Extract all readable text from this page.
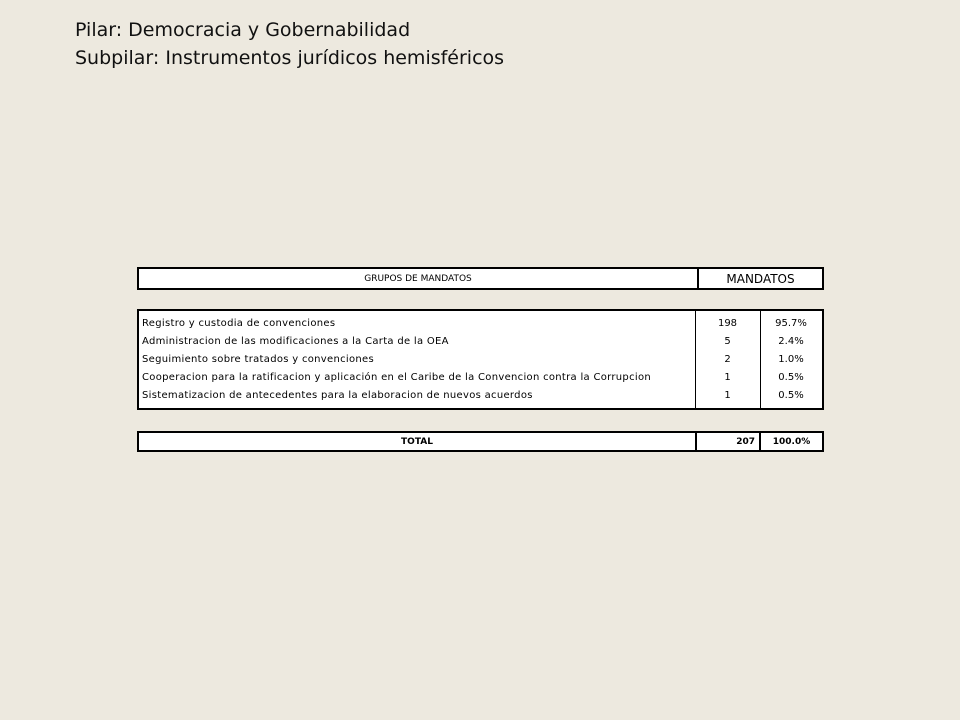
Pilar: Democracia y Gobernabilidad
Subpilar: Instrumentos jurídicos hemisféricos
GRUPOS DE MANDATOS	MANDATOS
Registro y custodia de convenciones	198	95.7%
Administracion de las modificaciones a la Carta de la OEA	5	2.4%
Seguimiento sobre tratados y convenciones	2	1.0%
Cooperacion para la ratificacion y aplicación en el Caribe de la Convencion contra la Corrupcion	1	0.5%
Sistematizacion de antecedentes para la elaboracion de nuevos acuerdos	1	0.5%
TOTAL	207	100.0%
